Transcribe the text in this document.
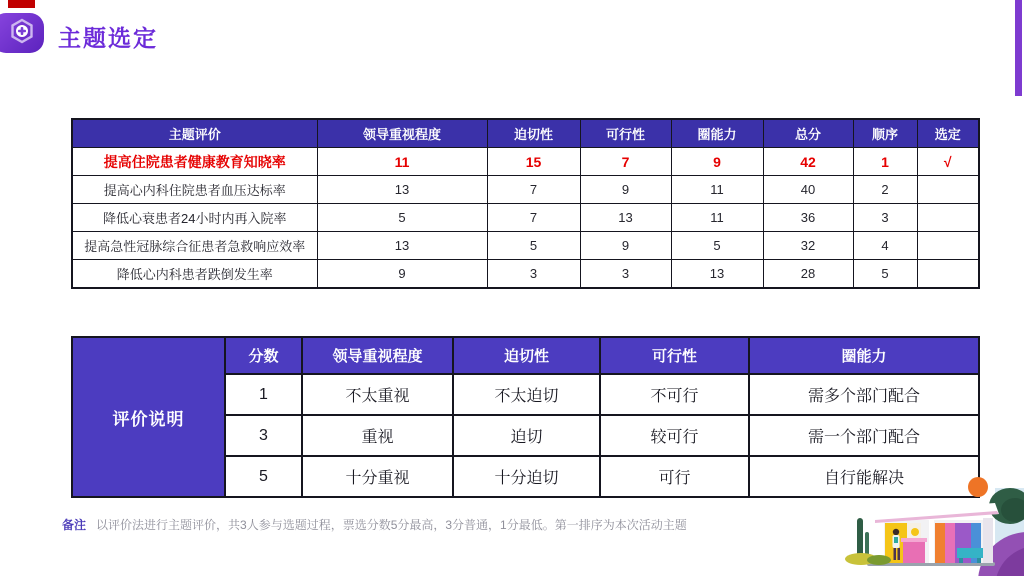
主题选定
主题评价	领导重视程度	迫切性	可行性	圈能力	总分	顺序	选定
提高住院患者健康教育知晓率	11	15	7	9	42	1	√
提高心内科住院患者血压达标率	13	7	9	11	40	2	
降低心衰患者24小时内再入院率	5	7	13	11	36	3	
提高急性冠脉综合征患者急救响应效率	13	5	9	5	32	4	
降低心内科患者跌倒发生率	9	3	3	13	28	5	
评价说明	分数	领导重视程度	迫切性	可行性	圈能力
	1	不太重视	不太迫切	不可行	需多个部门配合
	3	重视	迫切	较可行	需一个部门配合
	5	十分重视	十分迫切	可行	自行能解决
备注 以评价法进行主题评价，共3人参与选题过程，票选分数5分最高，3分普通，1分最低。第一排序为本次活动主题
